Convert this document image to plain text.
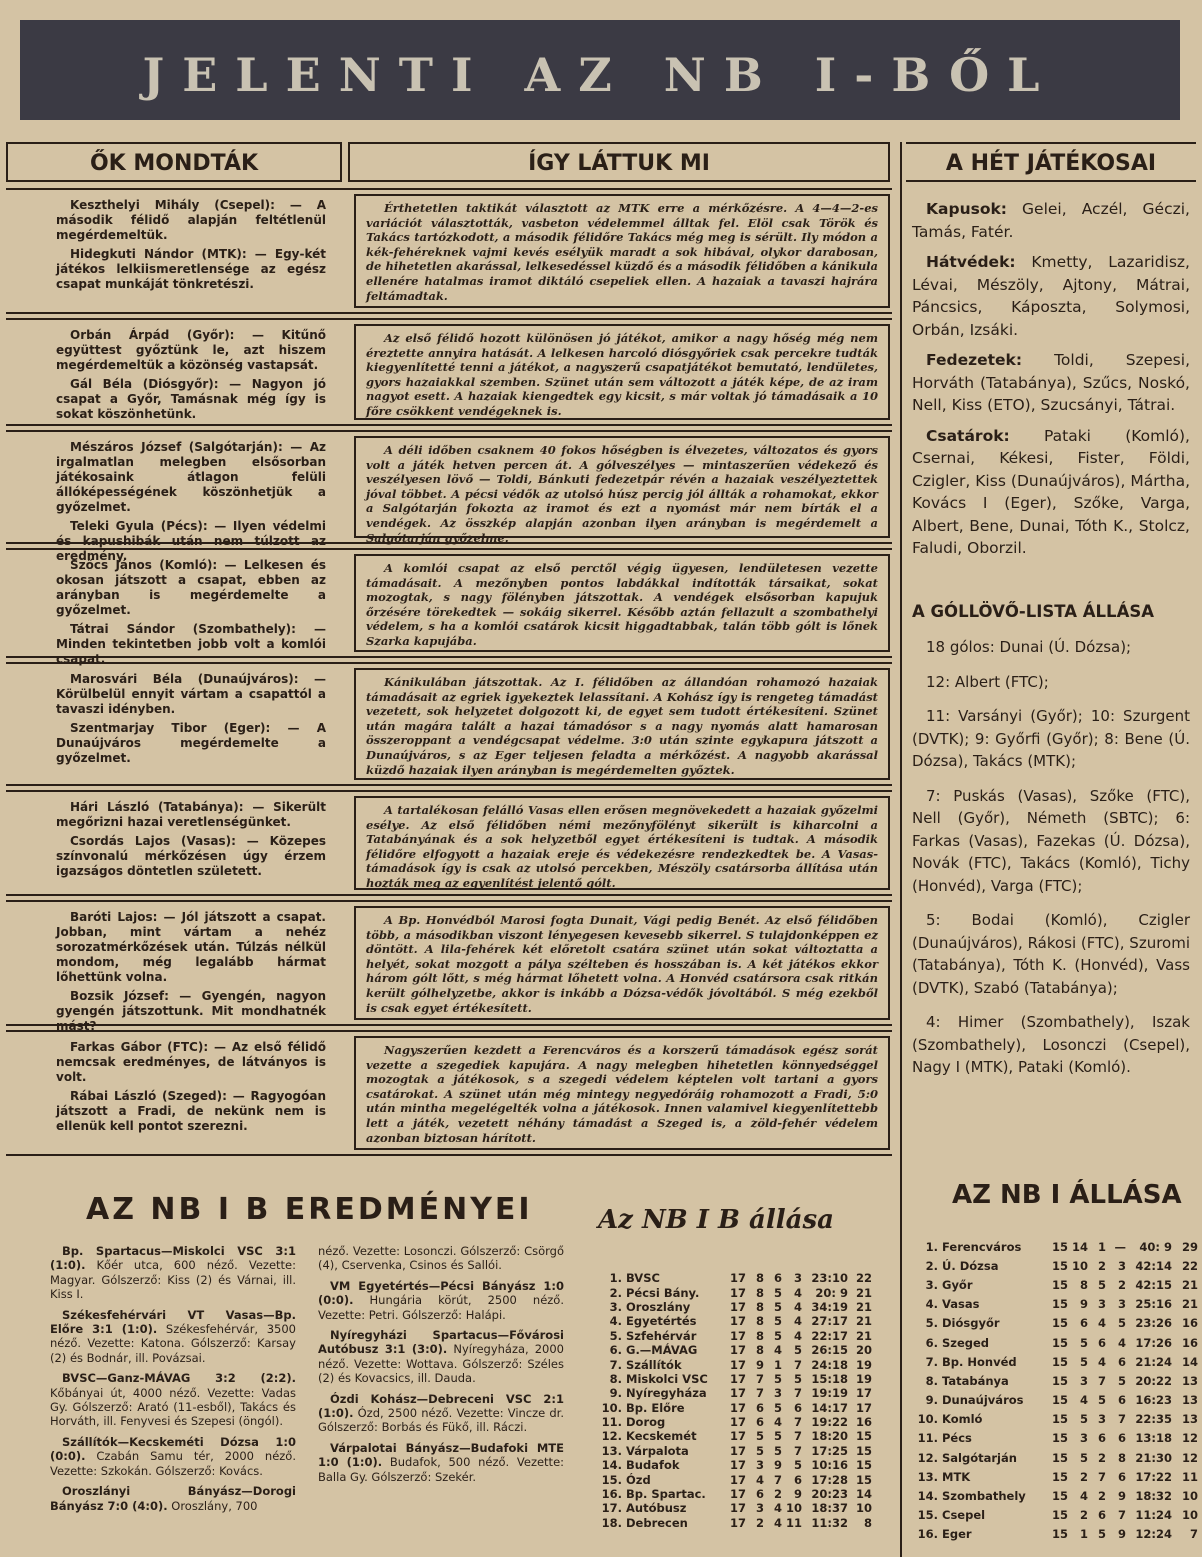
JELENTI AZ NB I-BŐL
ŐK MONDTÁK	ÍGY LÁTTUK MI	A HÉT JÁTÉKOSAI

Keszthelyi Mihály (Csepel): — A második félidő alapján feltétlenül megérdemeltük.

Hidegkuti Nándor (MTK): — Egy-két játékos lelkiismeretlensége az egész csapat munkáját tönkretészi.

Érthetetlen taktikát választott az MTK erre a mérkőzésre. A 4—4—2-es variációt választották, vasbeton védelemmel álltak fel. Elöl csak Török és Takács tartózkodott, a második félidőre Takács még meg is sérült. Ily módon a kék-fehéreknek vajmi kevés esélyük maradt a sok hibával, olykor darabosan, de hihetetlen akarással, lelkesedéssel küzdő és a második félidőben a kánikula ellenére hatalmas iramot diktáló csepeliek ellen. A hazaiak a tavaszi hajrára feltámadtak.

Orbán Árpád (Győr): — Kitűnő együttest győztünk le, azt hiszem megérdemeltük a közönség vastapsát.

Gál Béla (Diósgyőr): — Nagyon jó csapat a Győr, Tamásnak még így is sokat köszönhetünk.

Az első félidő hozott különösen jó játékot, amikor a nagy hőség még nem éreztette annyira hatását. A lelkesen harcoló diósgyőriek csak percekre tudták kiegyenlítetté tenni a játékot, a nagyszerű csapatjátékot bemutató, lendületes, gyors hazaiakkal szemben. Szünet után sem változott a játék képe, de az iram nagyot esett. A hazaiak kiengedtek egy kicsit, s már voltak jó támadásaik a 10 főre csökkent vendégeknek is.

Mészáros József (Salgótarján): — Az irgalmatlan melegben elsősorban játékosaink átlagon felüli állóképességének köszönhetjük a győzelmet.

Teleki Gyula (Pécs): — Ilyen védelmi és kapushibák után nem túlzott az eredmény.

A déli időben csaknem 40 fokos hőségben is élvezetes, változatos és gyors volt a játék hetven percen át. A gólveszélyes — mintaszerűen védekező és veszélyesen lövő — Toldi, Bánkuti fedezetpár révén a hazaiak veszélyeztettek jóval többet. A pécsi védők az utolsó húsz percig jól állták a rohamokat, ekkor a Salgótarján fokozta az iramot és ezt a nyomást már nem bírták el a vendégek. Az összkép alapján azonban ilyen arányban is megérdemelt a Salgótarján győzelme.

Szőcs János (Komló): — Lelkesen és okosan játszott a csapat, ebben az arányban is megérdemelte a győzelmet.

Tátrai Sándor (Szombathely): — Minden tekintetben jobb volt a komlói csapat.

A komlói csapat az első perctől végig ügyesen, lendületesen vezette támadásait. A mezőnyben pontos labdákkal indították társaikat, sokat mozogtak, s nagy fölényben játszottak. A vendégek elsősorban kapujuk őrzésére törekedtek — sokáig sikerrel. Később aztán fellazult a szombathelyi védelem, s ha a komlói csatárok kicsit higgadtabbak, talán több gólt is lőnek Szarka kapujába.

Marosvári Béla (Dunaújváros): — Körülbelül ennyit vártam a csapattól a tavaszi idényben.

Szentmarjay Tibor (Eger): — A Dunaújváros megérdemelte a győzelmet.

Kánikulában játszottak. Az I. félidőben az állandóan rohamozó hazaiak támadásait az egriek igyekeztek lelassítani. A Kohász így is rengeteg támadást vezetett, sok helyzetet dolgozott ki, de egyet sem tudott értékesíteni. Szünet után magára talált a hazai támadósor s a nagy nyomás alatt hamarosan összeroppant a vendégcsapat védelme. 3:0 után szinte egykapura játszott a Dunaújváros, s az Eger teljesen feladta a mérkőzést. A nagyobb akarással küzdő hazaiak ilyen arányban is megérdemelten győztek.

Hári László (Tatabánya): — Sikerült megőrizni hazai veretlenségünket.

Csordás Lajos (Vasas): — Közepes színvonalú mérkőzésen úgy érzem igazságos döntetlen született.

A tartalékosan felálló Vasas ellen erősen megnövekedett a hazaiak győzelmi esélye. Az első félidőben némi mezőnyfölényt sikerült is kiharcolni a Tatabányának és a sok helyzetből egyet értékesíteni is tudtak. A második félidőre elfogyott a hazaiak ereje és védekezésre rendezkedtek be. A Vasas-támadások így is csak az utolsó percekben, Mészöly csatársorba állítása után hozták meg az egyenlítést jelentő gólt.

Baróti Lajos: — Jól játszott a csapat. Jobban, mint vártam a nehéz sorozatmérkőzések után. Túlzás nélkül mondom, még legalább hármat lőhettünk volna.

Bozsik József: — Gyengén, nagyon gyengén játszottunk. Mit mondhatnék mást?

A Bp. Honvédból Marosi fogta Dunait, Vági pedig Benét. Az első félidőben több, a másodikban viszont lényegesen kevesebb sikerrel. S tulajdonképpen ez döntött. A lila-fehérek két előretolt csatára szünet után sokat változtatta a helyét, sokat mozgott a pálya szélteben és hosszában is. A két játékos ekkor három gólt lőtt, s még hármat lőhetett volna. A Honvéd csatársora csak ritkán került gólhelyzetbe, akkor is inkább a Dózsa-védők jóvoltából. S még ezekből is csak egyet értékesített.

Farkas Gábor (FTC): — Az első félidő nemcsak eredményes, de látványos is volt.

Rábai László (Szeged): — Ragyogóan játszott a Fradi, de nekünk nem is ellenük kell pontot szerezni.

Nagyszerűen kezdett a Ferencváros és a korszerű támadások egész sorát vezette a szegediek kapujára. A nagy melegben hihetetlen könnyedséggel mozogtak a játékosok, s a szegedi védelem képtelen volt tartani a gyors csatárokat. A szünet után még mintegy negyedóráig rohamozott a Fradi, 5:0 után mintha megelégelték volna a játékosok. Innen valamivel kiegyenlítettebb lett a játék, vezetett néhány támadást a Szeged is, a zöld-fehér védelem azonban biztosan hárított.

Kapusok: Gelei, Aczél, Géczi, Tamás, Fatér.

Hátvédek: Kmetty, Lazaridisz, Lévai, Mészöly, Ajtony, Mátrai, Páncsics, Káposzta, Solymosi, Orbán, Izsáki.

Fedezetek: Toldi, Szepesi, Horváth (Tatabánya), Szűcs, Noskó, Nell, Kiss (ETO), Szucsányi, Tátrai.

Csatárok: Pataki (Komló), Csernai, Kékesi, Fister, Földi, Czigler, Kiss (Dunaújváros), Mártha, Kovács I (Eger), Szőke, Varga, Albert, Bene, Dunai, Tóth K., Stolcz, Faludi, Oborzil.

A GÓLLÖVŐ-LISTA ÁLLÁSA

18 gólos: Dunai (Ú. Dózsa);

12: Albert (FTC);

11: Varsányi (Győr); 10: Szurgent (DVTK); 9: Győrfi (Győr); 8: Bene (Ú. Dózsa), Takács (MTK);

7: Puskás (Vasas), Szőke (FTC), Nell (Győr), Németh (SBTC); 6: Farkas (Vasas), Fazekas (Ú. Dózsa), Novák (FTC), Takács (Komló), Tichy (Honvéd), Varga (FTC);

5: Bodai (Komló), Czigler (Dunaújváros), Rákosi (FTC), Szuromi (Tatabánya), Tóth K. (Honvéd), Vass (DVTK), Szabó (Tatabánya);

4: Himer (Szombathely), Iszak (Szombathely), Losonczi (Csepel), Nagy I (MTK), Pataki (Komló).

AZ NB I B EREDMÉNYEI

Bp. Spartacus—Miskolci VSC 3:1 (1:0). Kőér utca, 600 néző. Vezette: Magyar. Gólszerző: Kiss (2) és Várnai, ill. Kiss I.

Székesfehérvári VT Vasas—Bp. Előre 3:1 (1:0). Székesfehérvár, 3500 néző. Vezette: Katona. Gólszerző: Karsay (2) és Bodnár, ill. Povázsai.

BVSC—Ganz-MÁVAG 3:2 (2:2). Kőbányai út, 4000 néző. Vezette: Vadas Gy. Gólszerző: Arató (11-esből), Takács és Horváth, ill. Fenyvesi és Szepesi (öngól).

Szállítók—Kecskeméti Dózsa 1:0 (0:0). Czabán Samu tér, 2000 néző. Vezette: Szkokán. Gólszerző: Kovács.

Oroszlányi Bányász—Dorogi Bányász 7:0 (4:0). Oroszlány, 700

néző. Vezette: Losonczi. Gólszerző: Csörgő (4), Cservenka, Csinos és Sallói.

VM Egyetértés—Pécsi Bányász 1:0 (0:0). Hungária körút, 2500 néző. Vezette: Petri. Gólszerző: Halápi.

Nyíregyházi Spartacus—Fővárosi Autóbusz 3:1 (3:0). Nyíregyháza, 2000 néző. Vezette: Wottava. Gólszerző: Széles (2) és Kovacsics, ill. Dauda.

Ózdi Kohász—Debreceni VSC 2:1 (1:0). Ózd, 2500 néző. Vezette: Vincze dr. Gólszerző: Borbás és Fükő, ill. Ráczi.

Várpalotai Bányász—Budafoki MTE 1:0 (1:0). Budafok, 500 néző. Vezette: Balla Gy. Gólszerző: Szekér.

Az NB I B állása
1.	BVSC	17	8	6	3	23:10	22
2.	Pécsi Bány.	17	8	5	4	20: 9	21
3.	Oroszlány	17	8	5	4	34:19	21
4.	Egyetértés	17	8	5	4	27:17	21
5.	Szfehérvár	17	8	5	4	22:17	21
6.	G.—MÁVAG	17	8	4	5	26:15	20
7.	Szállítók	17	9	1	7	24:18	19
8.	Miskolci VSC	17	7	5	5	15:18	19
9.	Nyíregyháza	17	7	3	7	19:19	17
10.	Bp. Előre	17	6	5	6	14:17	17
11.	Dorog	17	6	4	7	19:22	16
12.	Kecskemét	17	5	5	7	18:20	15
13.	Várpalota	17	5	5	7	17:25	15
14.	Budafok	17	3	9	5	10:16	15
15.	Ózd	17	4	7	6	17:28	15
16.	Bp. Spartac.	17	6	2	9	20:23	14
17.	Autóbusz	17	3	4	10	18:37	10
18.	Debrecen	17	2	4	11	11:32	8
AZ NB I ÁLLÁSA
1.	Ferencváros	15	14	1	—	40: 9	29
2.	Ú. Dózsa	15	10	2	3	42:14	22
3.	Győr	15	8	5	2	42:15	21
4.	Vasas	15	9	3	3	25:16	21
5.	Diósgyőr	15	6	4	5	23:26	16
6.	Szeged	15	5	6	4	17:26	16
7.	Bp. Honvéd	15	5	4	6	21:24	14
8.	Tatabánya	15	3	7	5	20:22	13
9.	Dunaújváros	15	4	5	6	16:23	13
10.	Komló	15	5	3	7	22:35	13
11.	Pécs	15	3	6	6	13:18	12
12.	Salgótarján	15	5	2	8	21:30	12
13.	MTK	15	2	7	6	17:22	11
14.	Szombathely	15	4	2	9	18:32	10
15.	Csepel	15	2	6	7	11:24	10
16.	Eger	15	1	5	9	12:24	7
